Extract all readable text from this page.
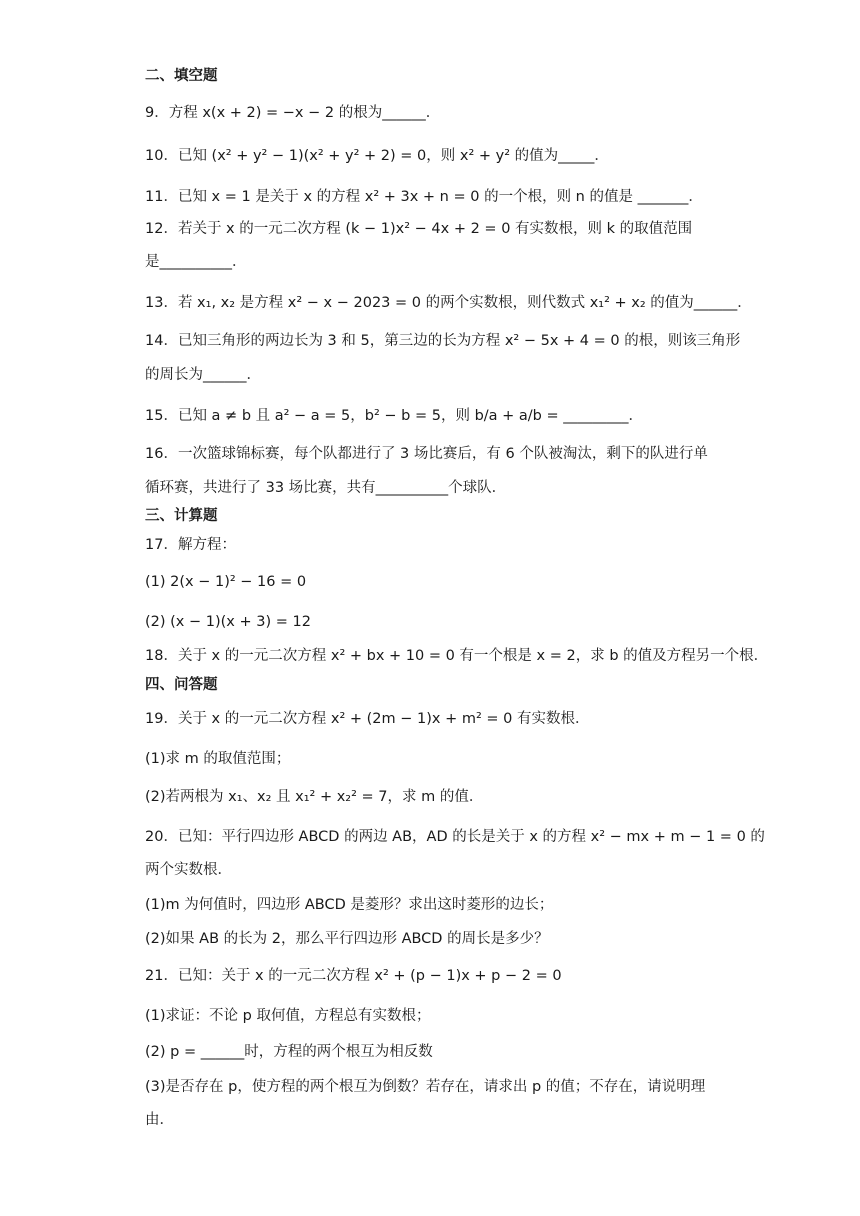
二、填空题
9．方程 x(x + 2) = −x − 2 的根为______．
10．已知 (x² + y² − 1)(x² + y² + 2) = 0，则 x² + y² 的值为_____．
11．已知 x = 1 是关于 x 的方程 x² + 3x + n = 0 的一个根，则 n 的值是 _______．
12．若关于 x 的一元二次方程 (k − 1)x² − 4x + 2 = 0 有实数根，则 k 的取值范围
是__________．
13．若 x₁, x₂ 是方程 x² − x − 2023 = 0 的两个实数根，则代数式 x₁² + x₂ 的值为______．
14．已知三角形的两边长为 3 和 5，第三边的长为方程 x² − 5x + 4 = 0 的根，则该三角形
的周长为______．
15．已知 a ≠ b 且 a² − a = 5，b² − b = 5，则 b/a + a/b = _________．
16．一次篮球锦标赛，每个队都进行了 3 场比赛后，有 6 个队被淘汰，剩下的队进行单
循环赛，共进行了 33 场比赛，共有__________个球队．
三、计算题
17．解方程：
(1) 2(x − 1)² − 16 = 0
(2) (x − 1)(x + 3) = 12
18．关于 x 的一元二次方程 x² + bx + 10 = 0 有一个根是 x = 2，求 b 的值及方程另一个根．
四、问答题
19．关于 x 的一元二次方程 x² + (2m − 1)x + m² = 0 有实数根．
(1)求 m 的取值范围；
(2)若两根为 x₁、x₂ 且 x₁² + x₂² = 7，求 m 的值．
20．已知：平行四边形 ABCD 的两边 AB，AD 的长是关于 x 的方程 x² − mx + m − 1 = 0 的
两个实数根．
(1)m 为何值时，四边形 ABCD 是菱形？求出这时菱形的边长；
(2)如果 AB 的长为 2，那么平行四边形 ABCD 的周长是多少？
21．已知：关于 x 的一元二次方程 x² + (p − 1)x + p − 2 = 0
(1)求证：不论 p 取何值，方程总有实数根；
(2) p = ______时，方程的两个根互为相反数
(3)是否存在 p，使方程的两个根互为倒数？若存在，请求出 p 的值；不存在，请说明理
由．
